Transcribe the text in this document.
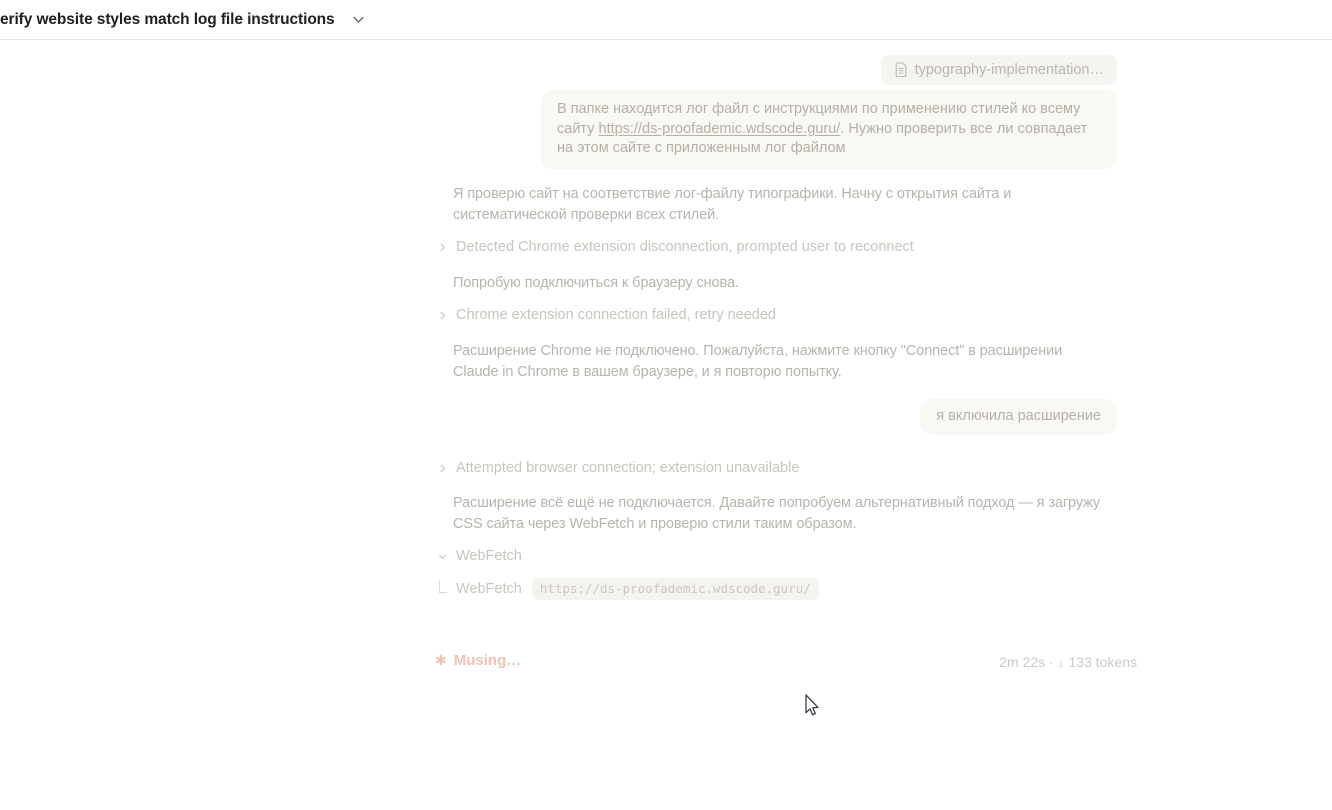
erify website styles match log file instructions
typography-implementation…
В папке находится лог файл с инструкциями по применению стилей ко всему сайту https://ds-proofademic.wdscode.guru/. Нужно проверить все ли совпадает на этом сайте с приложенным лог файлом
Я проверю сайт на соответствие лог-файлу типографики. Начну с открытия сайта и систематической проверки всех стилей.
Detected Chrome extension disconnection, prompted user to reconnect
Попробую подключиться к браузеру снова.
Chrome extension connection failed, retry needed
Расширение Chrome не подключено. Пожалуйста, нажмите кнопку "Connect" в расширении Claude in Chrome в вашем браузере, и я повторю попытку.
я включила расширение
Attempted browser connection; extension unavailable
Расширение всё ещё не подключается. Давайте попробуем альтернативный подход — я загружу CSS сайта через WebFetch и проверю стили таким образом.
WebFetch
WebFetch	https://ds-proofademic.wdscode.guru/
✱ Musing…	2m 22s · ↓ 133 tokens
